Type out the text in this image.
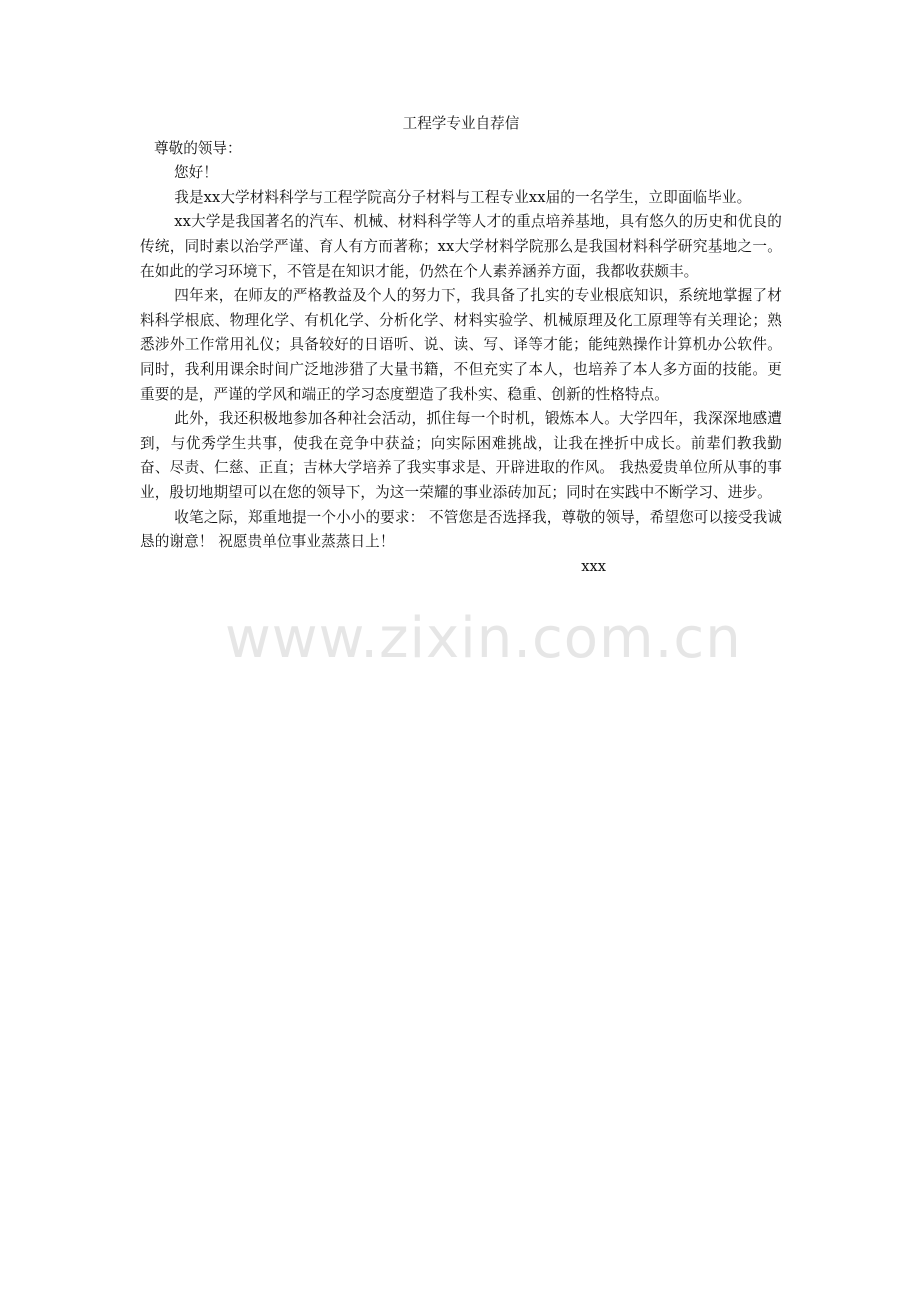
工程学专业自荐信

尊敬的领导：

您好！

我是xx大学材料科学与工程学院高分子材料与工程专业xx届的一名学生，立即面临毕业。

xx大学是我国著名的汽车、机械、材料科学等人才的重点培养基地，具有悠久的历史和优良的传统，同时素以治学严谨、育人有方而著称；xx大学材料学院那么是我国材料科学研究基地之一。在如此的学习环境下，不管是在知识才能，仍然在个人素养涵养方面，我都收获颇丰。

四年来，在师友的严格教益及个人的努力下，我具备了扎实的专业根底知识，系统地掌握了材料科学根底、物理化学、有机化学、分析化学、材料实验学、机械原理及化工原理等有关理论；熟悉涉外工作常用礼仪；具备较好的日语听、说、读、写、译等才能；能纯熟操作计算机办公软件。同时，我利用课余时间广泛地涉猎了大量书籍，不但充实了本人，也培养了本人多方面的技能。更重要的是，严谨的学风和端正的学习态度塑造了我朴实、稳重、创新的性格特点。

此外，我还积极地参加各种社会活动，抓住每一个时机，锻炼本人。大学四年，我深深地感遭到，与优秀学生共事，使我在竞争中获益；向实际困难挑战，让我在挫折中成长。前辈们教我勤奋、尽责、仁慈、正直；吉林大学培养了我实事求是、开辟进取的作风。 我热爱贵单位所从事的事业，殷切地期望可以在您的领导下，为这一荣耀的事业添砖加瓦；同时在实践中不断学习、进步。

收笔之际，郑重地提一个小小的要求： 不管您是否选择我，尊敬的领导，希望您可以接受我诚恳的谢意！ 祝愿贵单位事业蒸蒸日上！

xxx

www.zixin.com.cn
